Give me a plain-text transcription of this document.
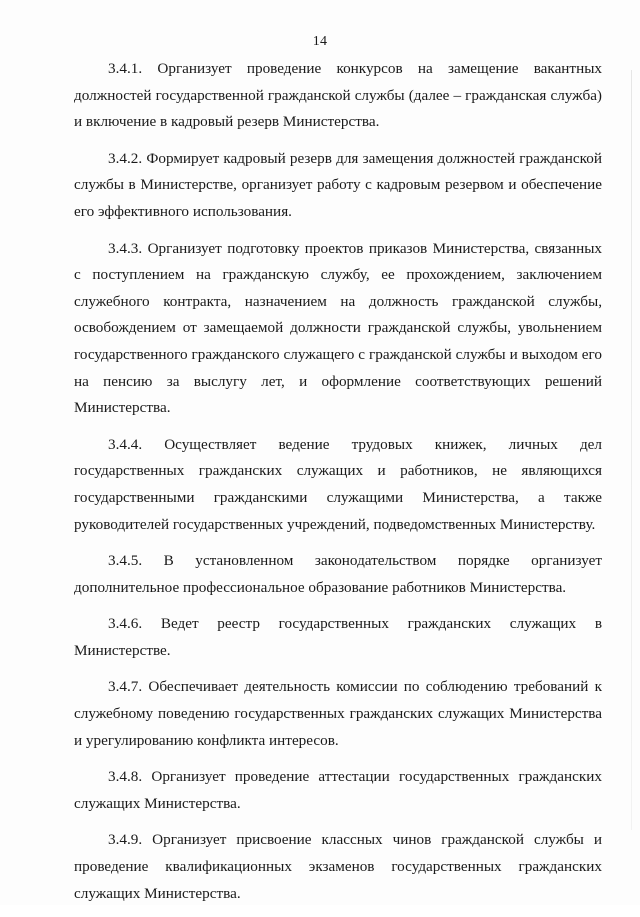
14

3.4.1. Организует проведение конкурсов на замещение вакантных должностей государственной гражданской службы (далее – гражданская служба) и включение в кадровый резерв Министерства.

3.4.2. Формирует кадровый резерв для замещения должностей гражданской службы в Министерстве, организует работу с кадровым резервом и обеспечение его эффективного использования.

3.4.3. Организует подготовку проектов приказов Министерства, связанных с поступлением на гражданскую службу, ее прохождением, заключением служебного контракта, назначением на должность гражданской службы, освобождением от замещаемой должности гражданской службы, увольнением государственного гражданского служащего с гражданской службы и выходом его на пенсию за выслугу лет, и оформление соответствующих решений Министерства.

3.4.4. Осуществляет ведение трудовых книжек, личных дел государственных гражданских служащих и работников, не являющихся государственными гражданскими служащими Министерства, а также руководителей государственных учреждений, подведомственных Министерству.

3.4.5. В установленном законодательством порядке организует дополнительное профессиональное образование работников Министерства.

3.4.6. Ведет реестр государственных гражданских служащих в Министерстве.

3.4.7. Обеспечивает деятельность комиссии по соблюдению требований к служебному поведению государственных гражданских служащих Министерства и урегулированию конфликта интересов.

3.4.8. Организует проведение аттестации государственных гражданских служащих Министерства.

3.4.9. Организует присвоение классных чинов гражданской службы и проведение квалификационных экзаменов государственных гражданских служащих Министерства.
